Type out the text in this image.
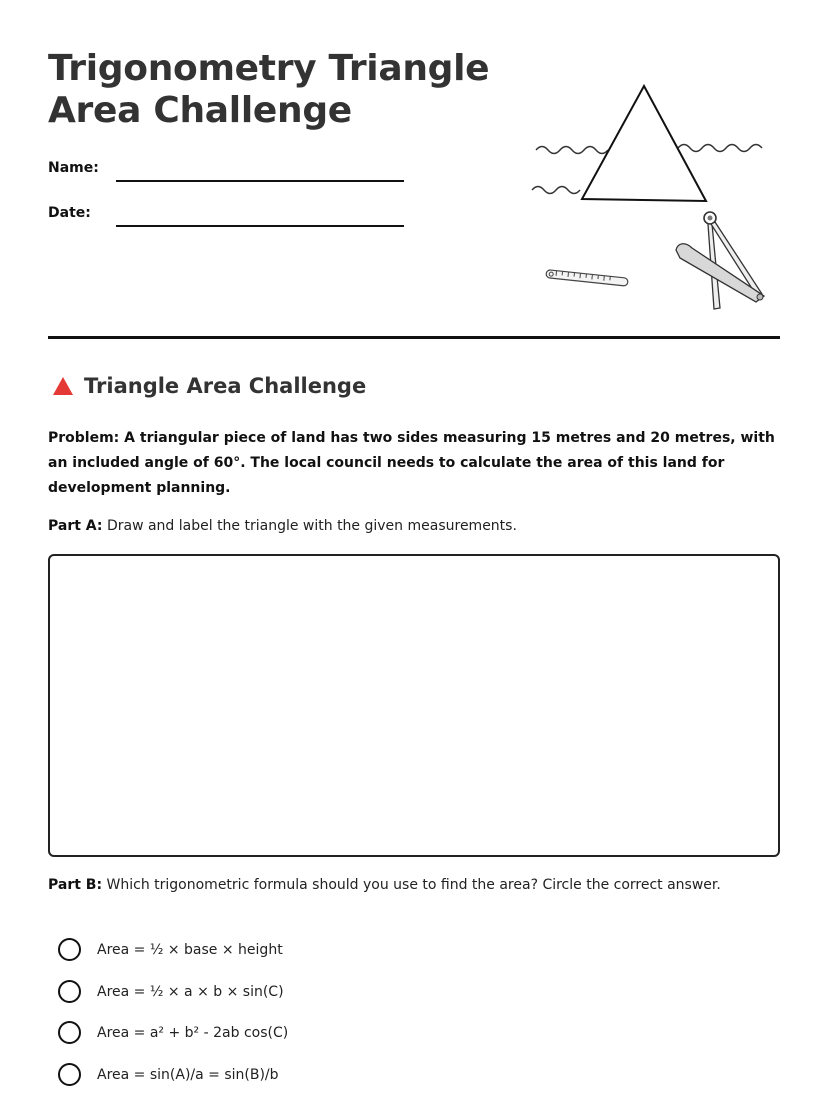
Trigonometry Triangle Area Challenge
Name:
Date:
Triangle Area Challenge

Problem: A triangular piece of land has two sides measuring 15 metres and 20 metres, with an included angle of 60°. The local council needs to calculate the area of this land for development planning.

Part A: Draw and label the triangle with the given measurements.

Part B: Which trigonometric formula should you use to find the area? Circle the correct answer.

Area = ½ × base × height
Area = ½ × a × b × sin(C)
Area = a² + b² - 2ab cos(C)
Area = sin(A)/a = sin(B)/b
